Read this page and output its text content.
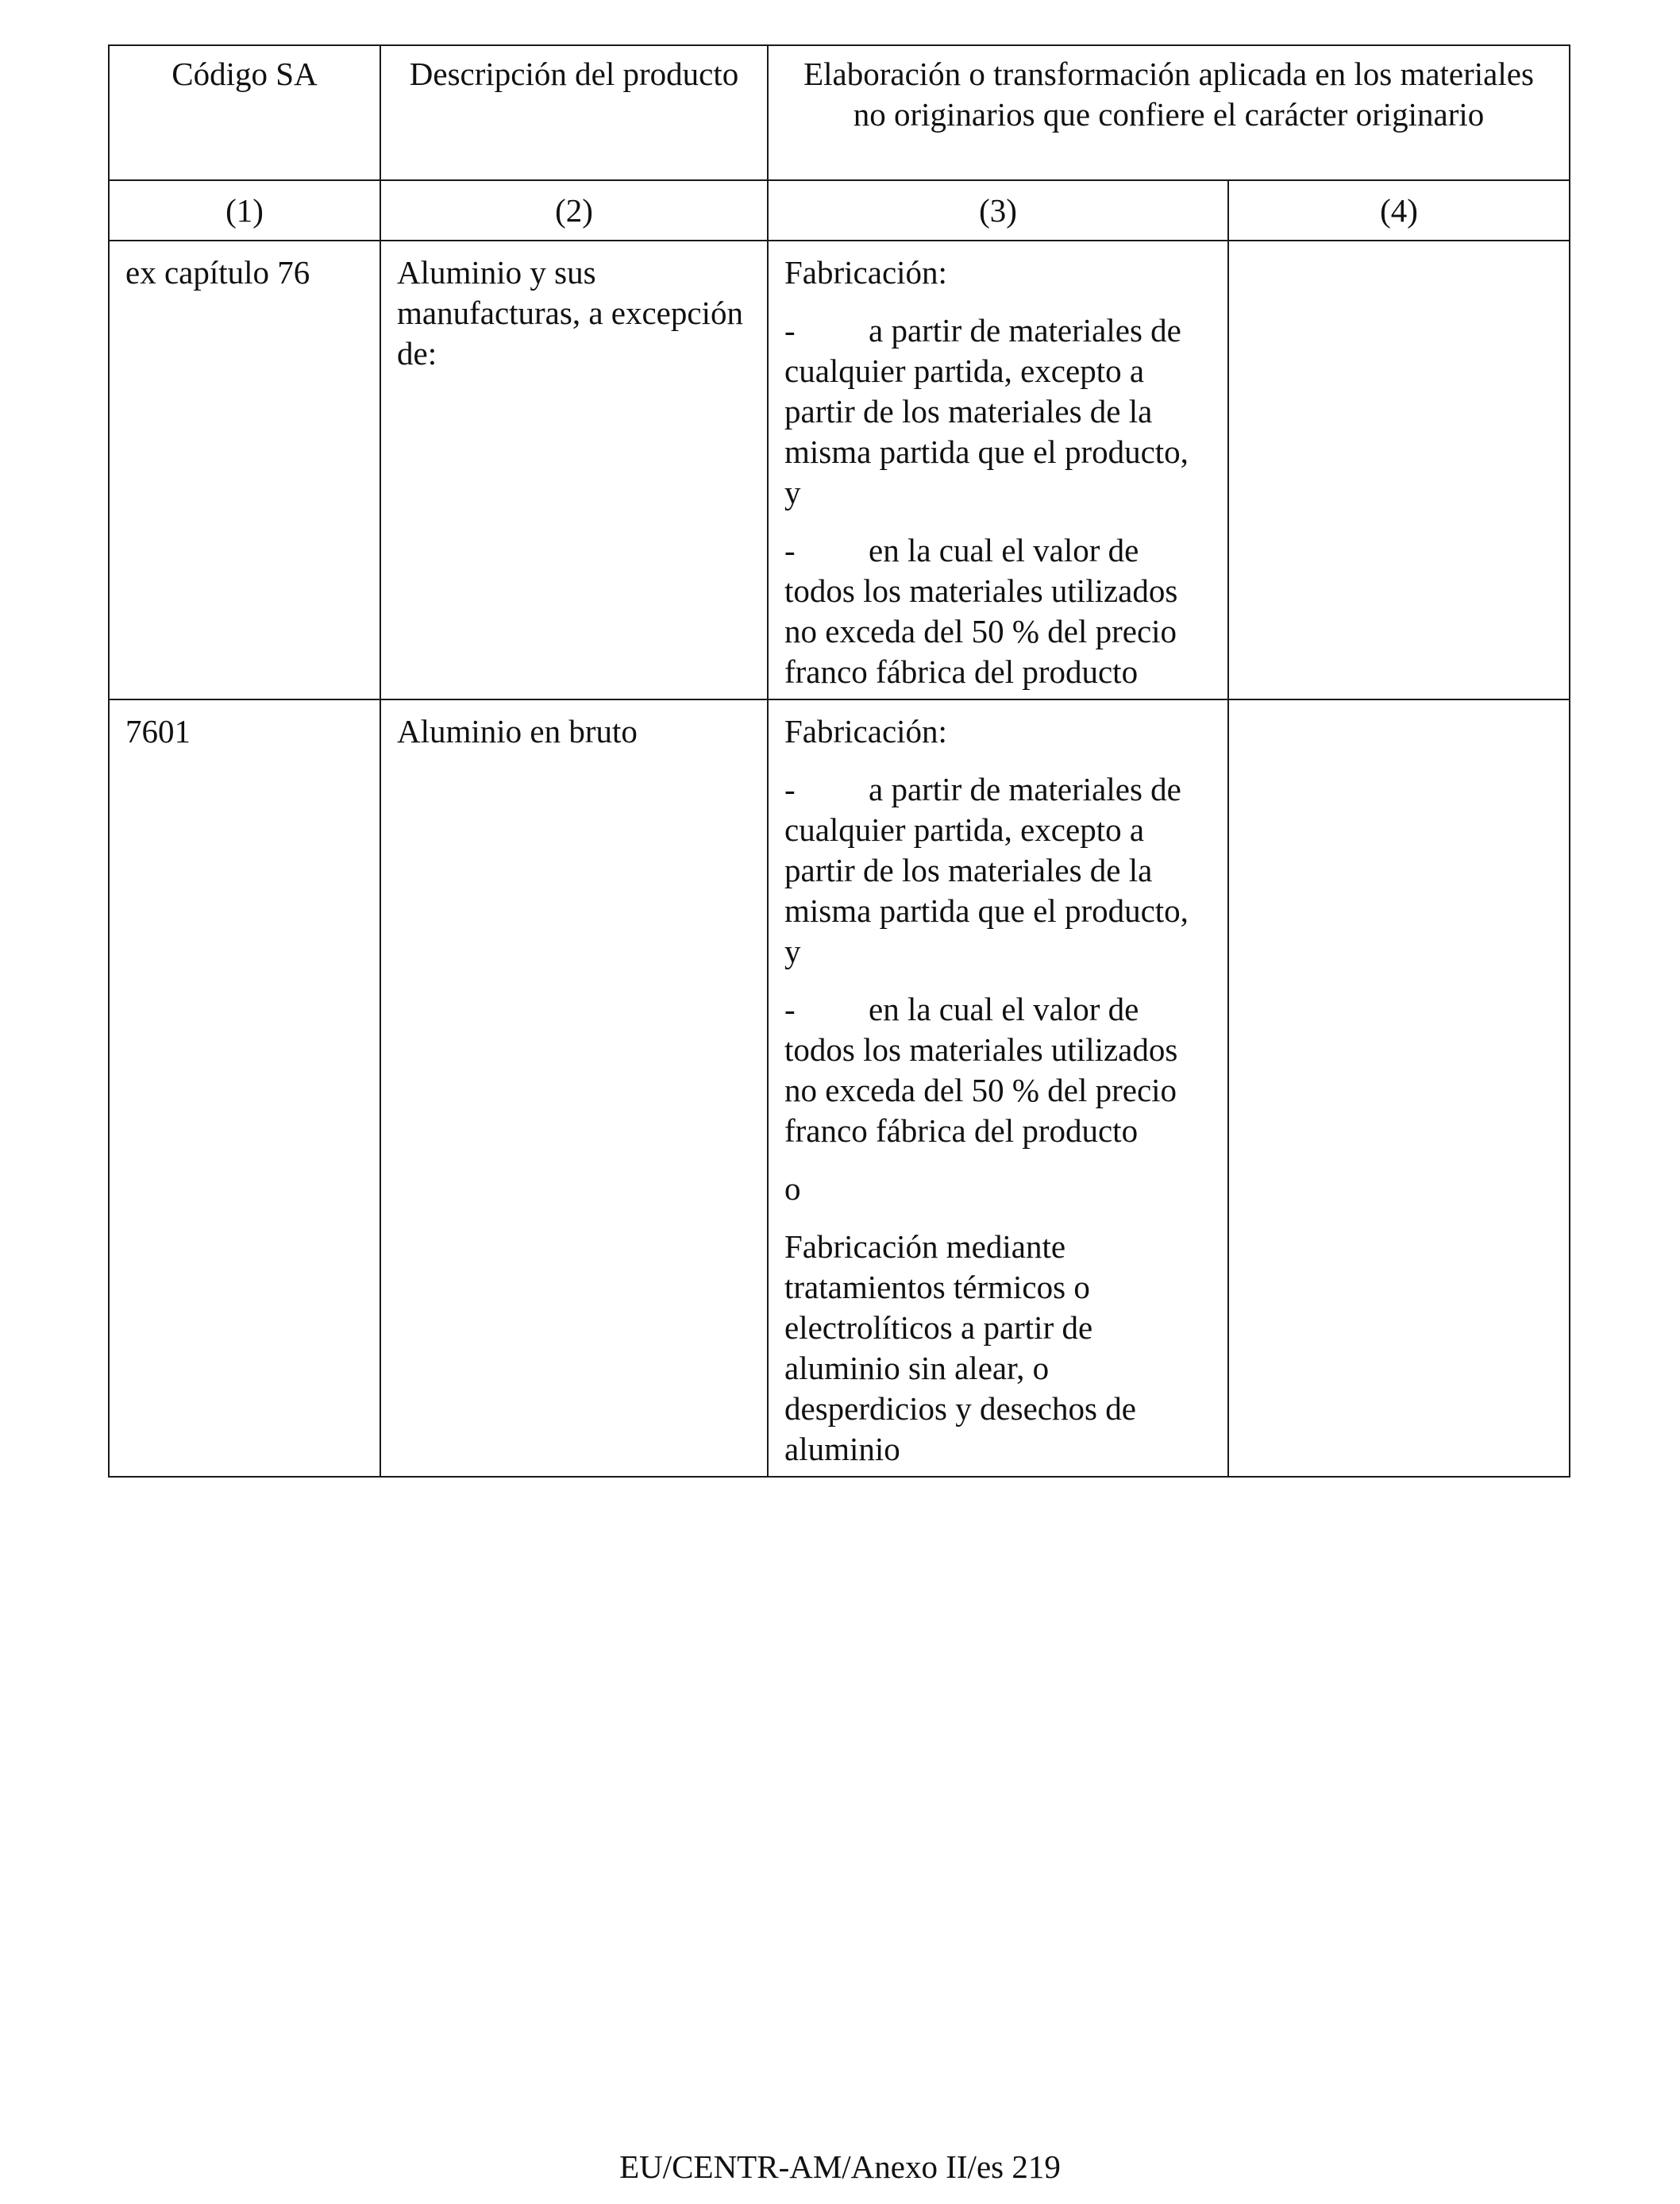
Código SA	Descripción del producto	Elaboración o transformación aplicada en los materiales no originarios que confiere el carácter originario	
(1)	(2)	(3)	(4)
ex capítulo 76	Aluminio y sus manufacturas, a excepción de:	Fabricación:

- a partir de materiales de cualquier partida, excepto a partir de los materiales de la misma partida que el producto, y

- en la cual el valor de todos los materiales utilizados no exceda del 50 % del precio franco fábrica del producto	

7601	Aluminio en bruto	Fabricación:

- a partir de materiales de cualquier partida, excepto a partir de los materiales de la misma partida que el producto, y

- en la cual el valor de todos los materiales utilizados no exceda del 50 % del precio franco fábrica del producto

o

Fabricación mediante tratamientos térmicos o electrolíticos a partir de aluminio sin alear, o desperdicios y desechos de aluminio	

EU/CENTR-AM/Anexo II/es 219
